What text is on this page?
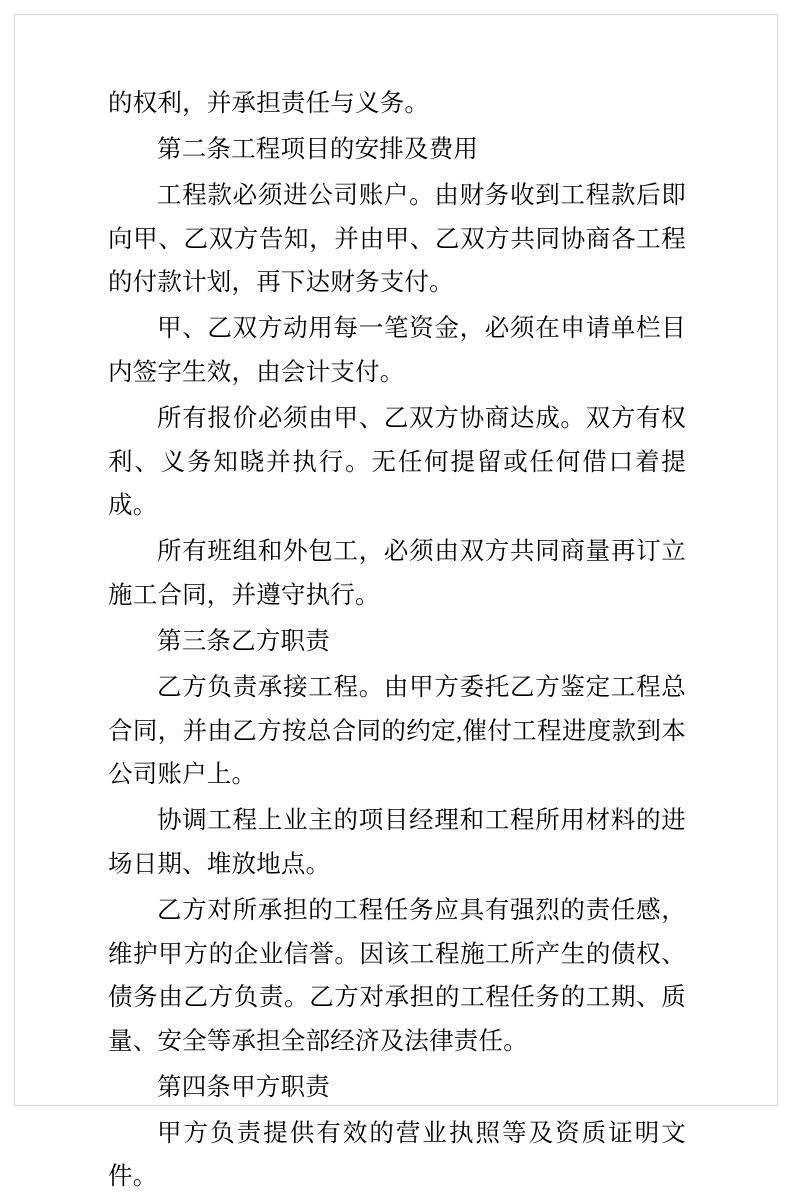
的权利，并承担责任与义务。

第二条工程项目的安排及费用

工程款必须进公司账户。由财务收到工程款后即向甲、乙双方告知，并由甲、乙双方共同协商各工程的付款计划，再下达财务支付。

甲、乙双方动用每一笔资金，必须在申请单栏目内签字生效，由会计支付。

所有报价必须由甲、乙双方协商达成。双方有权利、义务知晓并执行。无任何提留或任何借口着提成。

所有班组和外包工，必须由双方共同商量再订立施工合同，并遵守执行。

第三条乙方职责

乙方负责承接工程。由甲方委托乙方鉴定工程总合同，并由乙方按总合同的约定,催付工程进度款到本公司账户上。

协调工程上业主的项目经理和工程所用材料的进场日期、堆放地点。

乙方对所承担的工程任务应具有强烈的责任感，维护甲方的企业信誉。因该工程施工所产生的债权、债务由乙方负责。乙方对承担的工程任务的工期、质量、安全等承担全部经济及法律责任。

第四条甲方职责

甲方负责提供有效的营业执照等及资质证明文件。
